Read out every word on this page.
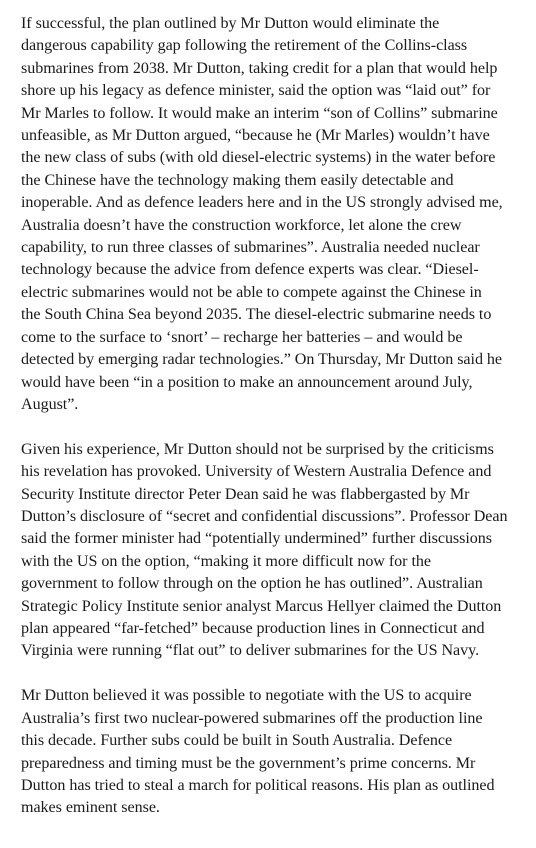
If successful, the plan outlined by Mr Dutton would eliminate the
dangerous capability gap following the retirement of the Collins-class
submarines from 2038. Mr Dutton, taking credit for a plan that would help
shore up his legacy as defence minister, said the option was “laid out” for
Mr Marles to follow. It would make an interim “son of Collins” submarine
unfeasible, as Mr Dutton argued, “because he (Mr Marles) wouldn’t have
the new class of subs (with old diesel-electric systems) in the water before
the Chinese have the technology making them easily detectable and
inoperable. And as defence leaders here and in the US strongly advised me,
Australia doesn’t have the construction workforce, let alone the crew
capability, to run three classes of submarines”. Australia needed nuclear
technology because the advice from defence experts was clear. “Diesel-
electric submarines would not be able to compete against the Chinese in
the South China Sea beyond 2035. The diesel-electric submarine needs to
come to the surface to ‘snort’ – recharge her batteries – and would be
detected by emerging radar technologies.” On Thursday, Mr Dutton said he
would have been “in a position to make an announcement around July,
August”.

Given his experience, Mr Dutton should not be surprised by the criticisms
his revelation has provoked. University of Western Australia Defence and
Security Institute director Peter Dean said he was flabbergasted by Mr
Dutton’s disclosure of “secret and confidential discussions”. Professor Dean
said the former minister had “potentially undermined” further discussions
with the US on the option, “making it more difficult now for the
government to follow through on the option he has outlined”. Australian
Strategic Policy Institute senior analyst Marcus Hellyer claimed the Dutton
plan appeared “far-fetched” because production lines in Connecticut and
Virginia were running “flat out” to deliver submarines for the US Navy.

Mr Dutton believed it was possible to negotiate with the US to acquire
Australia’s first two nuclear-powered submarines off the production line
this decade. Further subs could be built in South Australia. Defence
preparedness and timing must be the government’s prime concerns. Mr
Dutton has tried to steal a march for political reasons. His plan as outlined
makes eminent sense.
